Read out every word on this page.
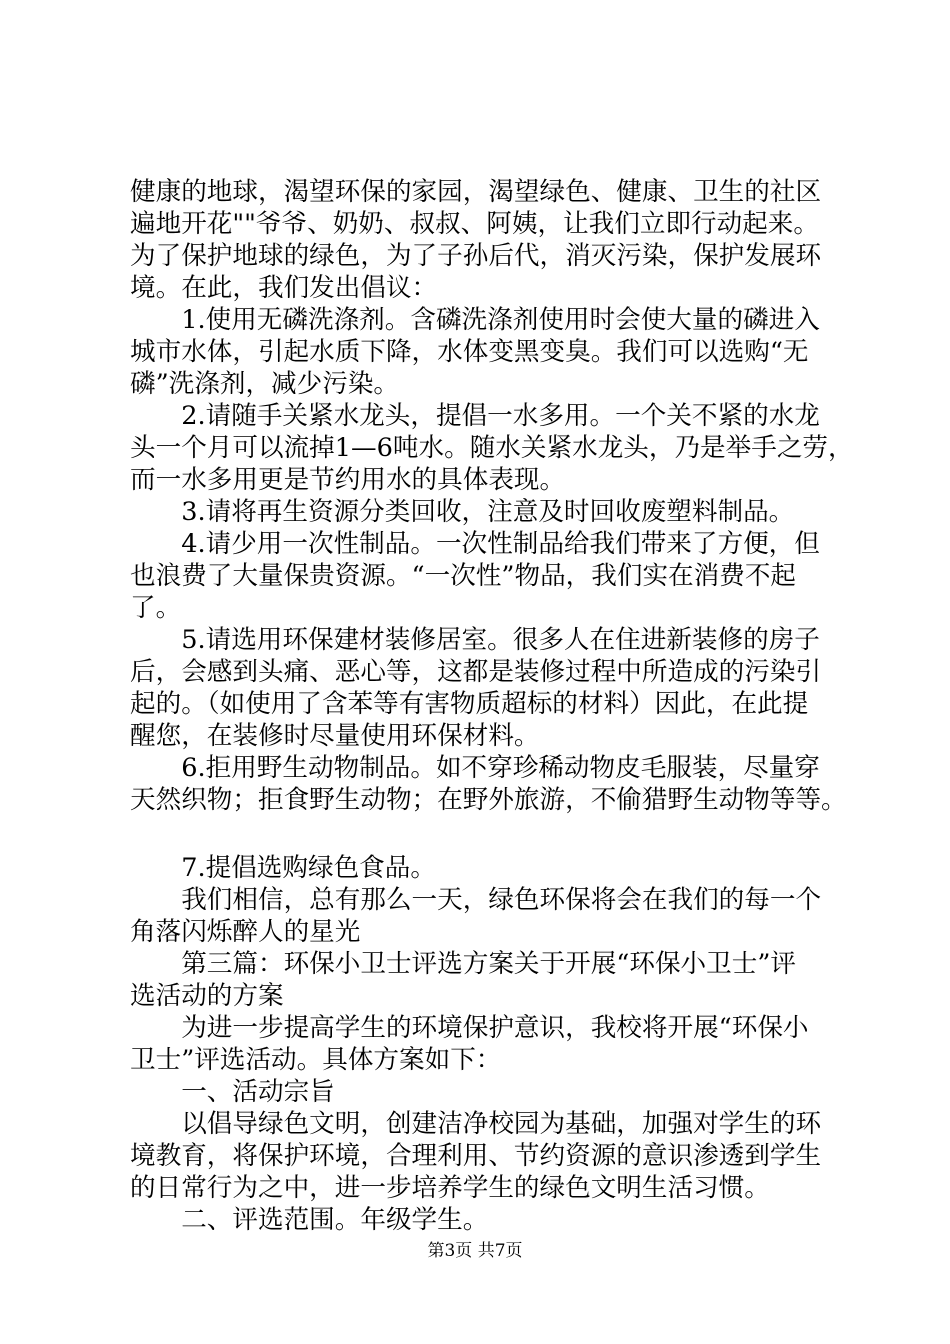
健康的地球，渴望环保的家园，渴望绿色、健康、卫生的社区
遍地开花""爷爷、奶奶、叔叔、阿姨，让我们立即行动起来。
为了保护地球的绿色，为了子孙后代，消灭污染，保护发展环
境。在此，我们发出倡议：
　　1.使用无磷洗涤剂。含磷洗涤剂使用时会使大量的磷进入
城市水体，引起水质下降，水体变黑变臭。我们可以选购“无
磷”洗涤剂，减少污染。
　　2.请随手关紧水龙头，提倡一水多用。一个关不紧的水龙
头一个月可以流掉1—6吨水。随水关紧水龙头，乃是举手之劳，
而一水多用更是节约用水的具体表现。
　　3.请将再生资源分类回收，注意及时回收废塑料制品。
　　4.请少用一次性制品。一次性制品给我们带来了方便，但
也浪费了大量保贵资源。“一次性”物品，我们实在消费不起
了。
　　5.请选用环保建材装修居室。很多人在住进新装修的房子
后，会感到头痛、恶心等，这都是装修过程中所造成的污染引
起的。（如使用了含苯等有害物质超标的材料）因此，在此提
醒您，在装修时尽量使用环保材料。
　　6.拒用野生动物制品。如不穿珍稀动物皮毛服装，尽量穿
天然织物；拒食野生动物；在野外旅游，不偷猎野生动物等等。
　　7.提倡选购绿色食品。
　　我们相信，总有那么一天，绿色环保将会在我们的每一个
角落闪烁醉人的星光
　　第三篇：环保小卫士评选方案关于开展“环保小卫士”评
选活动的方案
　　为进一步提高学生的环境保护意识，我校将开展“环保小
卫士”评选活动。具体方案如下：
　　一、活动宗旨
　　以倡导绿色文明，创建洁净校园为基础，加强对学生的环
境教育，将保护环境，合理利用、节约资源的意识渗透到学生
的日常行为之中，进一步培养学生的绿色文明生活习惯。
　　二、评选范围。年级学生。
第3页 共7页
